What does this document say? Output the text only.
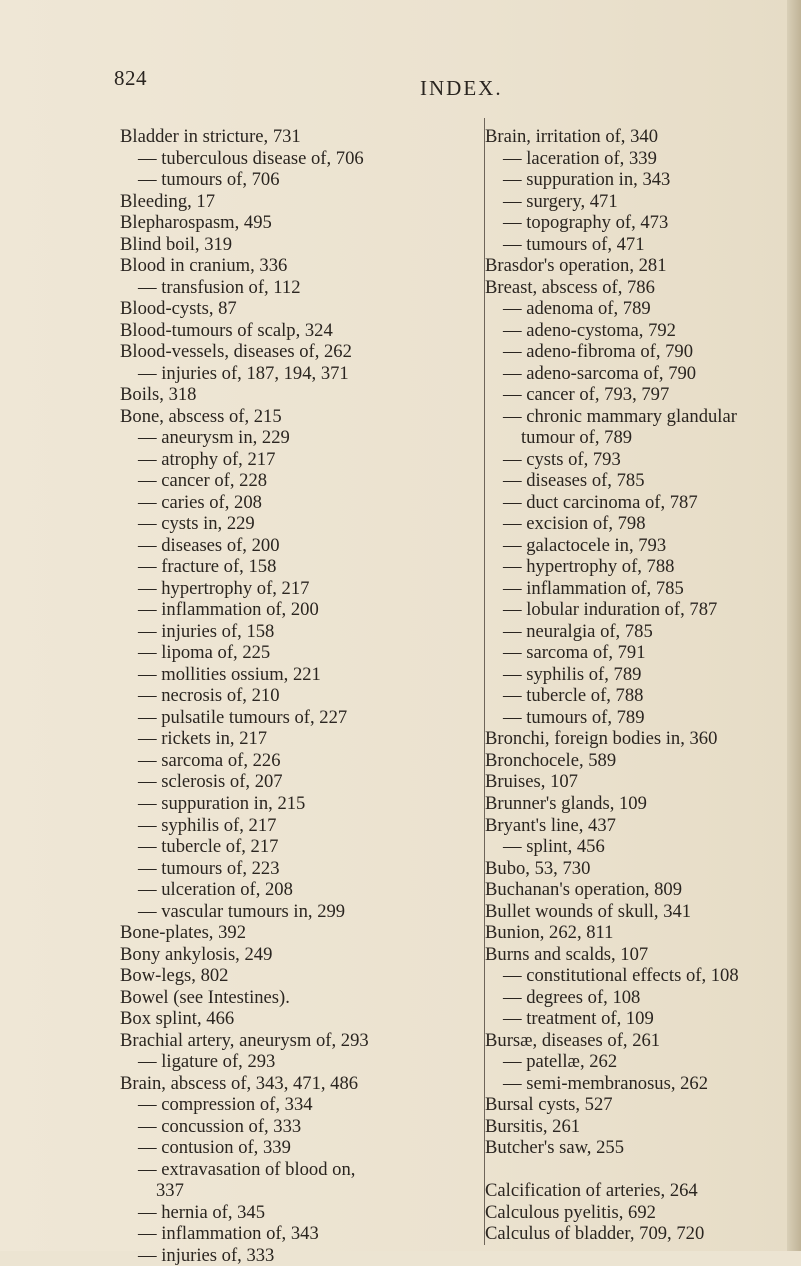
824	INDEX.
Bladder in stricture, 731
— tuberculous disease of, 706
— tumours of, 706
Bleeding, 17
Blepharospasm, 495
Blind boil, 319
Blood in cranium, 336
— transfusion of, 112
Blood-cysts, 87
Blood-tumours of scalp, 324
Blood-vessels, diseases of, 262
— injuries of, 187, 194, 371
Boils, 318
Bone, abscess of, 215
— aneurysm in, 229
— atrophy of, 217
— cancer of, 228
— caries of, 208
— cysts in, 229
— diseases of, 200
— fracture of, 158
— hypertrophy of, 217
— inflammation of, 200
— injuries of, 158
— lipoma of, 225
— mollities ossium, 221
— necrosis of, 210
— pulsatile tumours of, 227
— rickets in, 217
— sarcoma of, 226
— sclerosis of, 207
— suppuration in, 215
— syphilis of, 217
— tubercle of, 217
— tumours of, 223
— ulceration of, 208
— vascular tumours in, 299
Bone-plates, 392
Bony ankylosis, 249
Bow-legs, 802
Bowel (see Intestines).
Box splint, 466
Brachial artery, aneurysm of, 293
— ligature of, 293
Brain, abscess of, 343, 471, 486
— compression of, 334
— concussion of, 333
— contusion of, 339
— extravasation of blood on,
337
— hernia of, 345
— inflammation of, 343
— injuries of, 333
Brain, irritation of, 340
— laceration of, 339
— suppuration in, 343
— surgery, 471
— topography of, 473
— tumours of, 471
Brasdor's operation, 281
Breast, abscess of, 786
— adenoma of, 789
— adeno-cystoma, 792
— adeno-fibroma of, 790
— adeno-sarcoma of, 790
— cancer of, 793, 797
— chronic mammary glandular
tumour of, 789
— cysts of, 793
— diseases of, 785
— duct carcinoma of, 787
— excision of, 798
— galactocele in, 793
— hypertrophy of, 788
— inflammation of, 785
— lobular induration of, 787
— neuralgia of, 785
— sarcoma of, 791
— syphilis of, 789
— tubercle of, 788
— tumours of, 789
Bronchi, foreign bodies in, 360
Bronchocele, 589
Bruises, 107
Brunner's glands, 109
Bryant's line, 437
— splint, 456
Bubo, 53, 730
Buchanan's operation, 809
Bullet wounds of skull, 341
Bunion, 262, 811
Burns and scalds, 107
— constitutional effects of, 108
— degrees of, 108
— treatment of, 109
Bursæ, diseases of, 261
— patellæ, 262
— semi-membranosus, 262
Bursal cysts, 527
Bursitis, 261
Butcher's saw, 255
Calcification of arteries, 264
Calculous pyelitis, 692
Calculus of bladder, 709, 720
